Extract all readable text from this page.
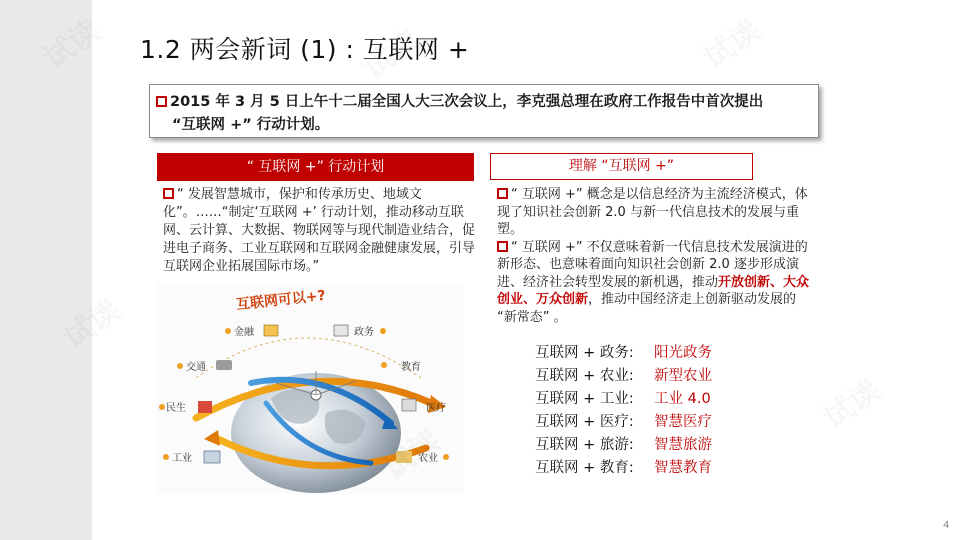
1.2 两会新词 (1) : 互联网 +
2015 年 3 月 5 日上午十二届全国人大三次会议上，李克强总理在政府工作报告中首次提出
“互联网 +” 行动计划。
“ 互联网 +” 行动计划	理解 “互联网 +”
“ 发展智慧城市，保护和传承历史、地域文化”。……“制定‘互联网 +’ 行动计划，推动移动互联网、云计算、大数据、物联网等与现代制造业结合，促进电子商务、工业互联网和互联网金融健康发展，引导互联网企业拓展国际市场。”
“ 互联网 +” 概念是以信息经济为主流经济模式，体现了知识社会创新 2.0 与新一代信息技术的发展与重塑。
“ 互联网 +” 不仅意味着新一代信息技术发展演进的新形态、也意味着面向知识社会创新 2.0 逐步形成演进、经济社会转型发展的新机遇，推动开放创新、大众创业、万众创新，推动中国经济走上创新驱动发展的 “新常态” 。
互联网可以+?
金融	政务
交通	教育
民生	医疗
工业	农业
互联网 + 政务:	阳光政务
互联网 + 农业:	新型农业
互联网 + 工业:	工业 4.0
互联网 + 医疗:	智慧医疗
互联网 + 旅游:	智慧旅游
互联网 + 教育:	智慧教育
4
